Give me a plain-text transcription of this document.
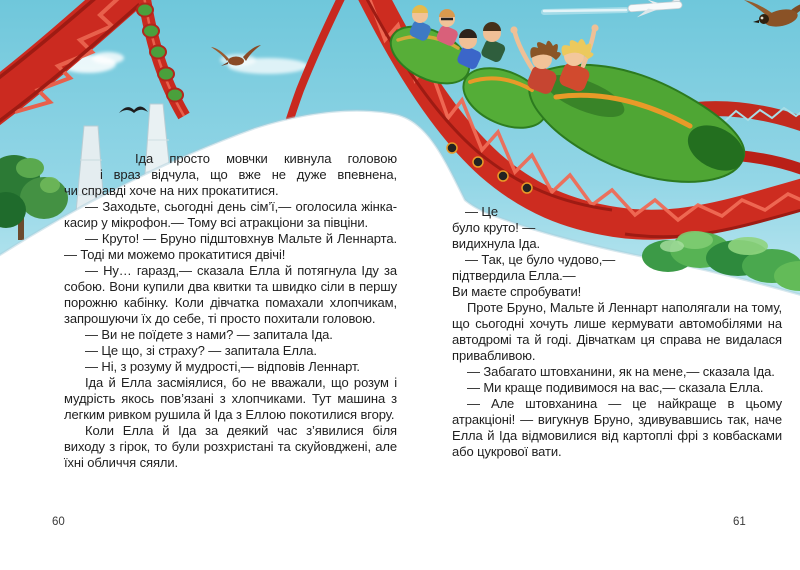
Іда просто мовчки кивнула головою
і враз відчула, що вже не дуже впевнена,
чи справді хоче на них прокатитися.

— Заходьте, сьогодні день сім’ї,— оголосила жінка-касир у мікрофон.— Тому всі атракціони за півціни.

— Круто! — Бруно підштовхнув Мальте й Леннарта.— Тоді ми можемо прокатитися двічі!

— Ну… гаразд,— сказала Елла й потягнула Іду за собою. Вони купили два квитки та швидко сіли в першу порожню кабінку. Коли дівчатка помахали хлопчикам, запрошуючи їх до себе, ті просто похитали головою.

— Ви не поїдете з нами? — запитала Іда.

— Це що, зі страху? — запитала Елла.

— Ні, з розуму й мудрості,— відповів Леннарт.

Іда й Елла засміялися, бо не вважали, що розум і мудрість якось пов’язані з хлопчиками. Тут машина з легким ривком рушила й Іда з Еллою покотилися вгору.

Коли Елла й Іда за деякий час з’явилися біля виходу з гірок, то були розхристані та скуйовджені, але їхні обличчя сяяли.

— Це
було круто! —
видихнула Іда.
— Так, це було чудово,—
підтвердила Елла.—
Ви маєте спробувати!

Проте Бруно, Мальте й Леннарт наполягали на тому, що сьогодні хочуть лише кермувати автомобілями на автодромі та й годі. Дівчаткам ця справа не видалася привабливою.

— Забагато штовханини, як на мене,— сказала Іда.

— Ми краще подивимося на вас,— сказала Елла.

— Але штовханина — це найкраще в цьому атракціоні! — вигукнув Бруно, здивувавшись так, наче Елла й Іда відмовилися від картоплі фрі з ковбасками або цукрової вати.

60	61
